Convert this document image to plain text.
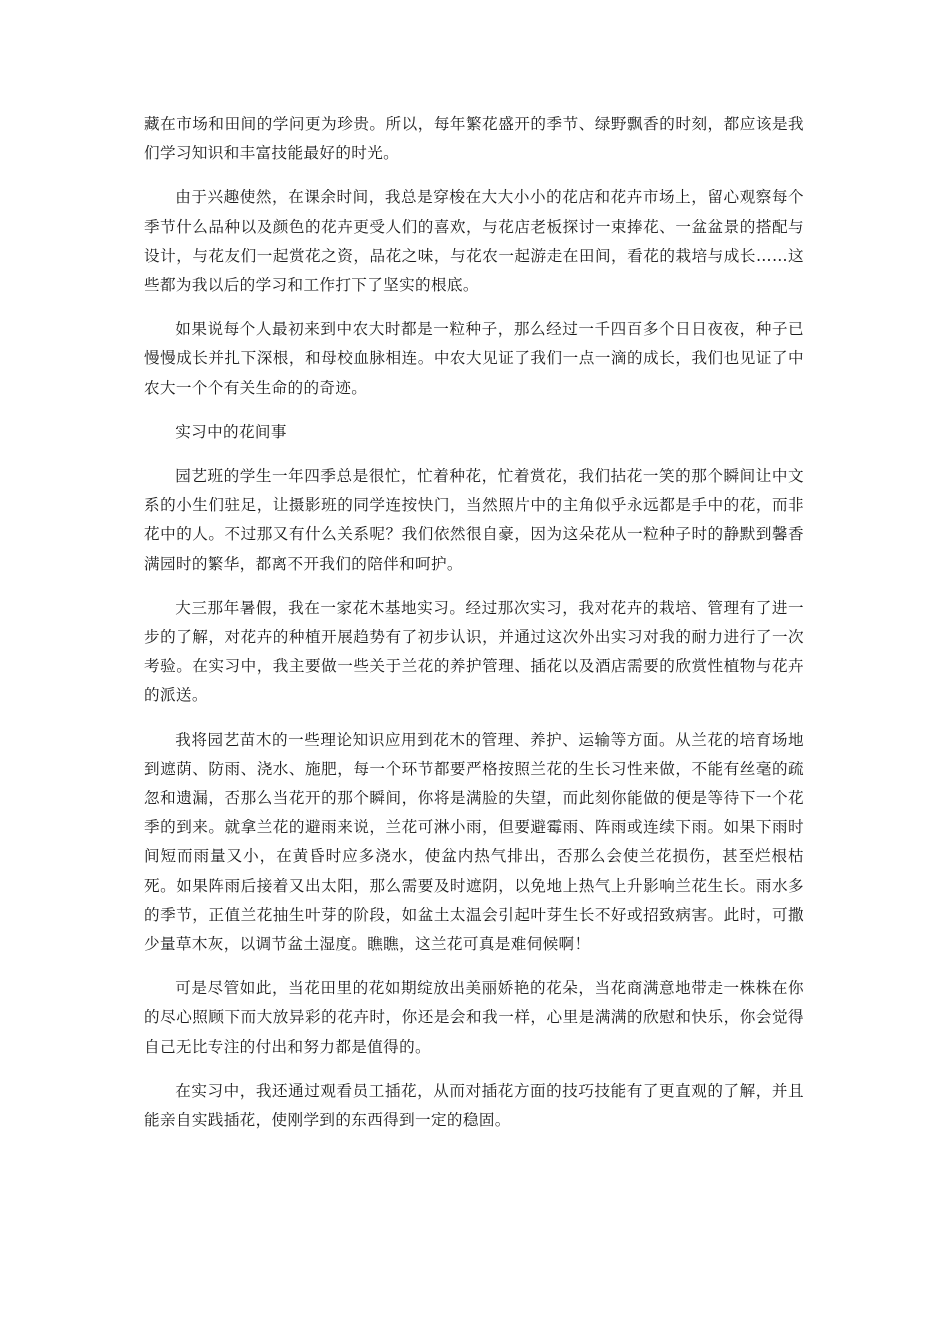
藏在市场和田间的学问更为珍贵。所以，每年繁花盛开的季节、绿野飘香的时刻，都应该是我们学习知识和丰富技能最好的时光。

由于兴趣使然，在课余时间，我总是穿梭在大大小小的花店和花卉市场上，留心观察每个季节什么品种以及颜色的花卉更受人们的喜欢，与花店老板探讨一束捧花、一盆盆景的搭配与设计，与花友们一起赏花之资，品花之味，与花农一起游走在田间，看花的栽培与成长……这些都为我以后的学习和工作打下了坚实的根底。

如果说每个人最初来到中农大时都是一粒种子，那么经过一千四百多个日日夜夜，种子已慢慢成长并扎下深根，和母校血脉相连。中农大见证了我们一点一滴的成长，我们也见证了中农大一个个有关生命的的奇迹。

实习中的花间事

园艺班的学生一年四季总是很忙，忙着种花，忙着赏花，我们拈花一笑的那个瞬间让中文系的小生们驻足，让摄影班的同学连按快门，当然照片中的主角似乎永远都是手中的花，而非花中的人。不过那又有什么关系呢？我们依然很自豪，因为这朵花从一粒种子时的静默到馨香满园时的繁华，都离不开我们的陪伴和呵护。

大三那年暑假，我在一家花木基地实习。经过那次实习，我对花卉的栽培、管理有了进一步的了解，对花卉的种植开展趋势有了初步认识，并通过这次外出实习对我的耐力进行了一次考验。在实习中，我主要做一些关于兰花的养护管理、插花以及酒店需要的欣赏性植物与花卉的派送。

我将园艺苗木的一些理论知识应用到花木的管理、养护、运输等方面。从兰花的培育场地到遮荫、防雨、浇水、施肥，每一个环节都要严格按照兰花的生长习性来做，不能有丝毫的疏忽和遗漏，否那么当花开的那个瞬间，你将是满脸的失望，而此刻你能做的便是等待下一个花季的到来。就拿兰花的避雨来说，兰花可淋小雨，但要避霉雨、阵雨或连续下雨。如果下雨时间短而雨量又小，在黄昏时应多浇水，使盆内热气排出，否那么会使兰花损伤，甚至烂根枯死。如果阵雨后接着又出太阳，那么需要及时遮阴，以免地上热气上升影响兰花生长。雨水多的季节，正值兰花抽生叶芽的阶段，如盆土太温会引起叶芽生长不好或招致病害。此时，可撒少量草木灰，以调节盆土湿度。瞧瞧，这兰花可真是难伺候啊！

可是尽管如此，当花田里的花如期绽放出美丽娇艳的花朵，当花商满意地带走一株株在你的尽心照顾下而大放异彩的花卉时，你还是会和我一样，心里是满满的欣慰和快乐，你会觉得自己无比专注的付出和努力都是值得的。

在实习中，我还通过观看员工插花，从而对插花方面的技巧技能有了更直观的了解，并且能亲自实践插花，使刚学到的东西得到一定的稳固。
